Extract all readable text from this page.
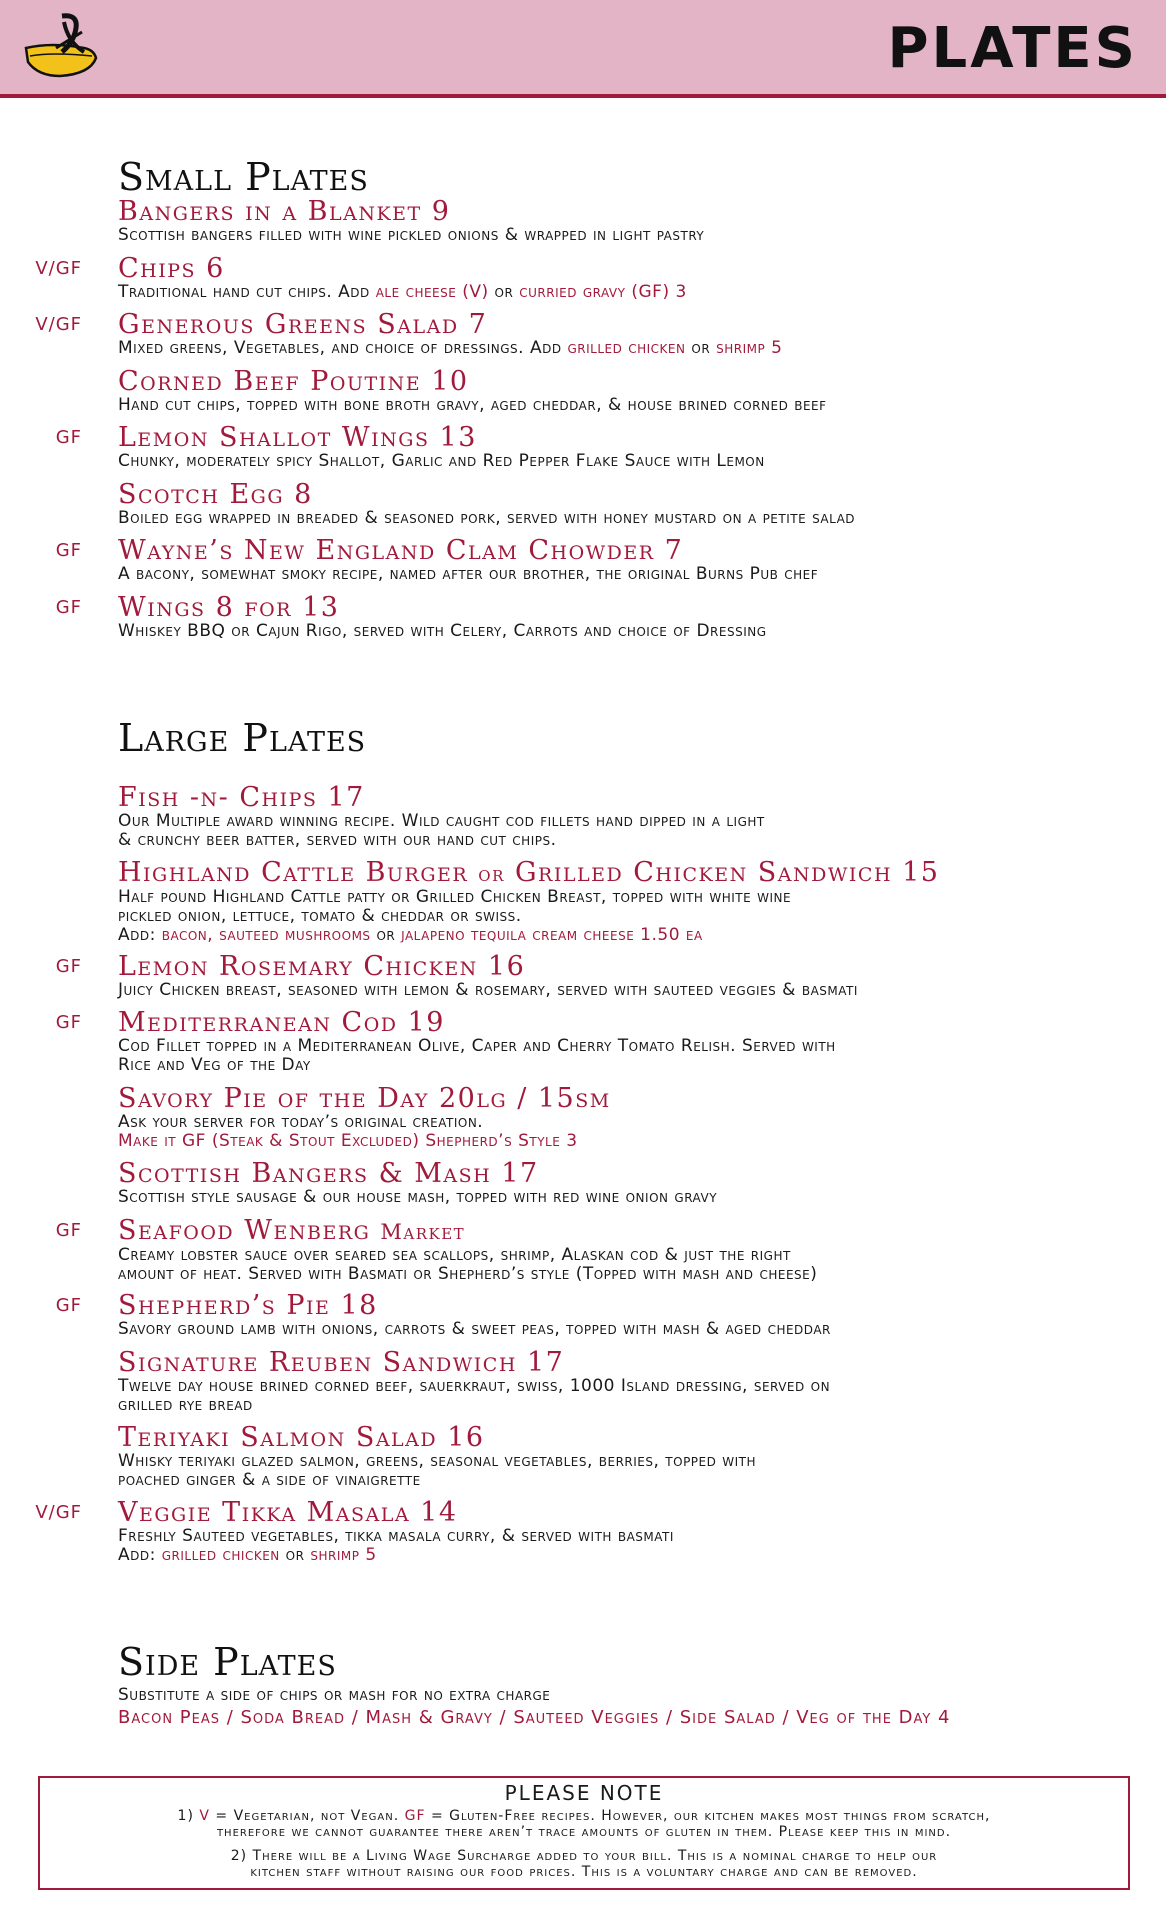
PLATES
Small Plates
Bangers in a Blanket 9
Scottish bangers filled with wine pickled onions & wrapped in light pastry
V/GF Chips 6
Traditional hand cut chips. Add ale cheese (V) or curried gravy (GF) 3
V/GF Generous Greens Salad 7
Mixed greens, Vegetables, and choice of dressings. Add grilled chicken or shrimp 5
Corned Beef Poutine 10
Hand cut chips, topped with bone broth gravy, aged cheddar, & house brined corned beef
GF Lemon Shallot Wings 13
Chunky, moderately spicy Shallot, Garlic and Red Pepper Flake Sauce with Lemon
Scotch Egg 8
Boiled egg wrapped in breaded & seasoned pork, served with honey mustard on a petite salad
GF Wayne’s New England Clam Chowder 7
A bacony, somewhat smoky recipe, named after our brother, the original Burns Pub chef
GF Wings 8 for 13
Whiskey BBQ or Cajun Rigo, served with Celery, Carrots and choice of Dressing
Large Plates
Fish -n- Chips 17
Our Multiple award winning recipe. Wild caught cod fillets hand dipped in a light
& crunchy beer batter, served with our hand cut chips.
Highland Cattle Burger or Grilled Chicken Sandwich 15
Half pound Highland Cattle patty or Grilled Chicken Breast, topped with white wine
pickled onion, lettuce, tomato & cheddar or swiss.
Add: bacon, sauteed mushrooms or jalapeno tequila cream cheese 1.50 ea
GF Lemon Rosemary Chicken 16
Juicy Chicken breast, seasoned with lemon & rosemary, served with sauteed veggies & basmati
GF Mediterranean Cod 19
Cod Fillet topped in a Mediterranean Olive, Caper and Cherry Tomato Relish. Served with
Rice and Veg of the Day
Savory Pie of the Day 20lg / 15sm
Ask your server for today’s original creation.
Make it GF (Steak & Stout Excluded) Shepherd’s Style 3
Scottish Bangers & Mash 17
Scottish style sausage & our house mash, topped with red wine onion gravy
GF Seafood Wenberg Market
Creamy lobster sauce over seared sea scallops, shrimp, Alaskan cod & just the right
amount of heat. Served with Basmati or Shepherd’s style (Topped with mash and cheese)
GF Shepherd’s Pie 18
Savory ground lamb with onions, carrots & sweet peas, topped with mash & aged cheddar
Signature Reuben Sandwich 17
Twelve day house brined corned beef, sauerkraut, swiss, 1000 Island dressing, served on
grilled rye bread
Teriyaki Salmon Salad 16
Whisky teriyaki glazed salmon, greens, seasonal vegetables, berries, topped with
poached ginger & a side of vinaigrette
V/GF Veggie Tikka Masala 14
Freshly Sauteed vegetables, tikka masala curry, & served with basmati
Add: grilled chicken or shrimp 5
Side Plates
Substitute a side of chips or mash for no extra charge
Bacon Peas / Soda Bread / Mash & Gravy / Sauteed Veggies / Side Salad / Veg of the Day 4
PLEASE NOTE
1) V = Vegetarian, not Vegan. GF = Gluten-Free recipes. However, our kitchen makes most things from scratch,
therefore we cannot guarantee there aren’t trace amounts of gluten in them. Please keep this in mind.
2) There will be a Living Wage Surcharge added to your bill. This is a nominal charge to help our
kitchen staff without raising our food prices. This is a voluntary charge and can be removed.
